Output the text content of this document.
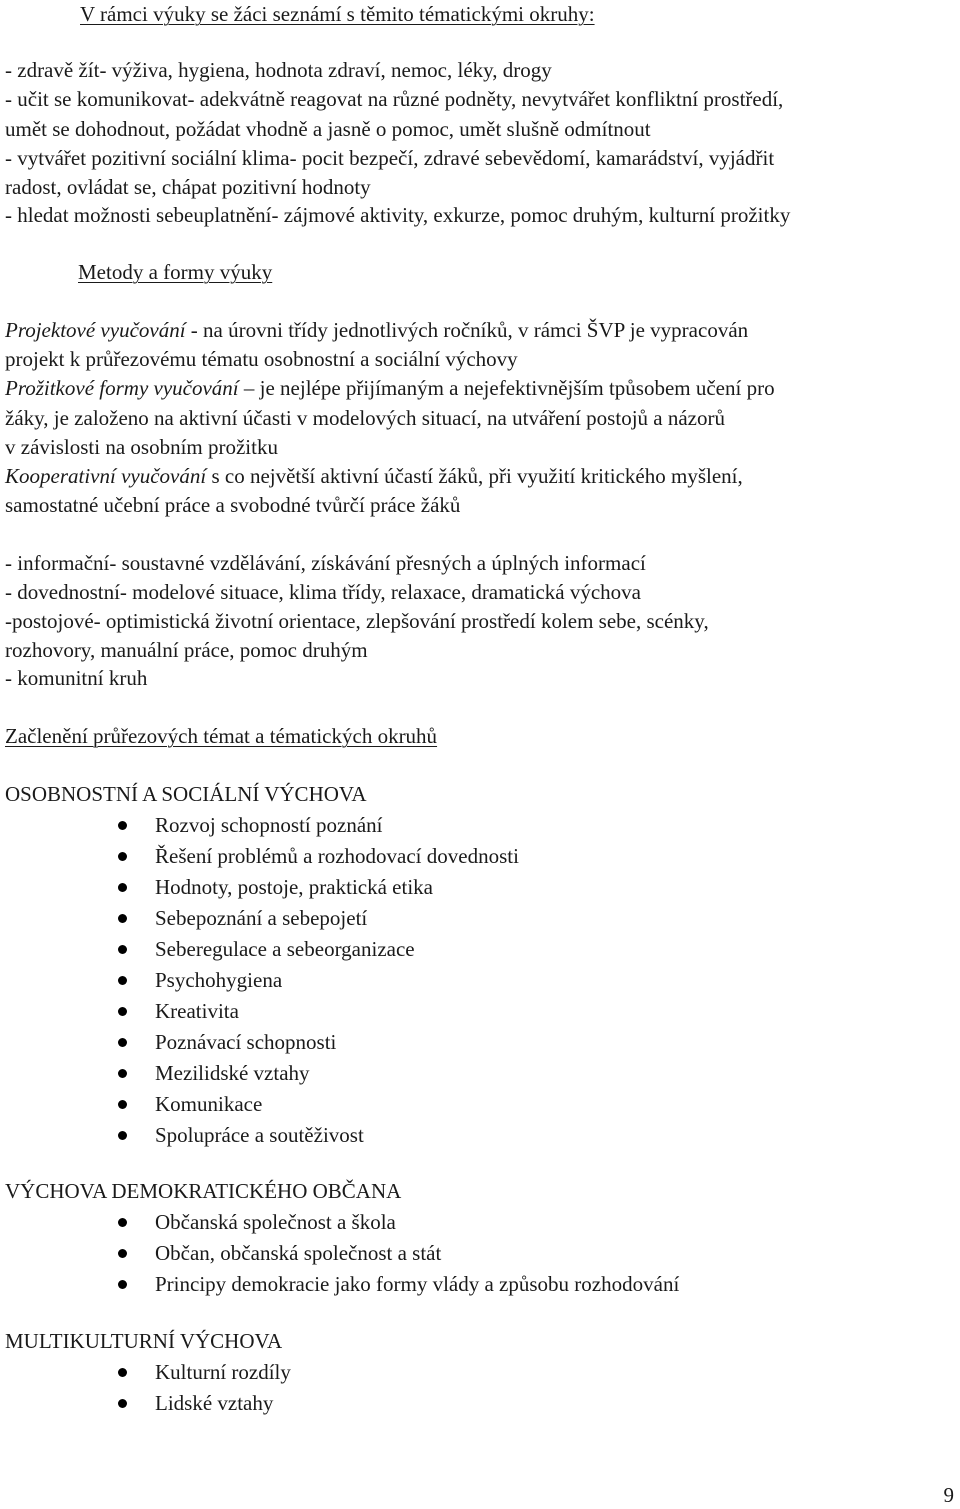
V rámci výuky se žáci seznámí s těmito tématickými okruhy:
- zdravě žít- výživa, hygiena, hodnota zdraví, nemoc, léky, drogy
- učit se komunikovat- adekvátně reagovat na různé podněty, nevytvářet konfliktní prostředí,
umět se dohodnout, požádat vhodně a jasně o pomoc, umět slušně odmítnout
- vytvářet pozitivní sociální klima- pocit bezpečí, zdravé sebevědomí, kamarádství, vyjádřit
radost, ovládat se, chápat pozitivní hodnoty
- hledat možnosti sebeuplatnění- zájmové aktivity, exkurze, pomoc druhým, kulturní prožitky
Metody a formy výuky
Projektové vyučování - na úrovni třídy jednotlivých ročníků, v rámci ŠVP je vypracován
projekt k průřezovému tématu osobnostní a sociální výchovy
Prožitkové formy vyučování – je nejlépe přijímaným a nejefektivnějším tpůsobem učení pro
žáky, je založeno na aktivní účasti v modelových situací, na utváření postojů a názorů
v závislosti na osobním prožitku
Kooperativní vyučování s co největší aktivní účastí žáků, při využití kritického myšlení,
samostatné učební práce a svobodné tvůrčí práce žáků
- informační- soustavné vzdělávání, získávání přesných a úplných informací
- dovednostní- modelové situace, klima třídy, relaxace, dramatická výchova
-postojové- optimistická životní orientace, zlepšování prostředí kolem sebe, scénky,
rozhovory, manuální práce, pomoc druhým
- komunitní kruh
Začlenění průřezových témat a tématických okruhů
OSOBNOSTNÍ A SOCIÁLNÍ VÝCHOVA
Rozvoj schopností poznání
Řešení problémů a rozhodovací dovednosti
Hodnoty, postoje, praktická etika
Sebepoznání a sebepojetí
Seberegulace a sebeorganizace
Psychohygiena
Kreativita
Poznávací schopnosti
Mezilidské vztahy
Komunikace
Spolupráce a soutěživost
VÝCHOVA DEMOKRATICKÉHO OBČANA
Občanská společnost a škola
Občan, občanská společnost a stát
Principy demokracie jako formy vlády a způsobu rozhodování
MULTIKULTURNÍ VÝCHOVA
Kulturní rozdíly
Lidské vztahy
9
